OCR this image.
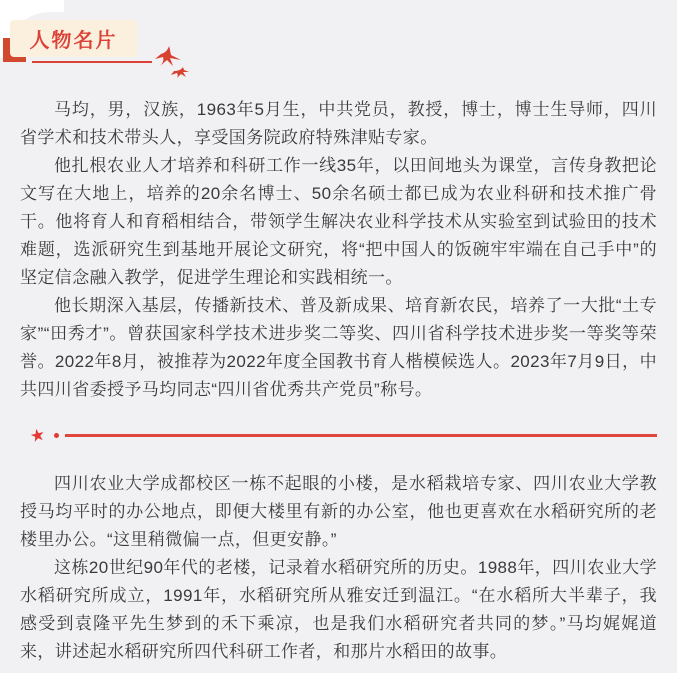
人物名片

马均，男，汉族，1963年5月生，中共党员，教授，博士，博士生导师，四川省学术和技术带头人，享受国务院政府特殊津贴专家。

他扎根农业人才培养和科研工作一线35年，以田间地头为课堂，言传身教把论文写在大地上，培养的20余名博士、50余名硕士都已成为农业科研和技术推广骨干。他将育人和育稻相结合，带领学生解决农业科学技术从实验室到试验田的技术难题，选派研究生到基地开展论文研究，将“把中国人的饭碗牢牢端在自己手中”的坚定信念融入教学，促进学生理论和实践相统一。

他长期深入基层，传播新技术、普及新成果、培育新农民，培养了一大批“土专家”“田秀才”。曾获国家科学技术进步奖二等奖、四川省科学技术进步奖一等奖等荣誉。2022年8月，被推荐为2022年度全国教书育人楷模候选人。2023年7月9日，中共四川省委授予马均同志“四川省优秀共产党员”称号。

★

四川农业大学成都校区一栋不起眼的小楼，是水稻栽培专家、四川农业大学教授马均平时的办公地点，即便大楼里有新的办公室，他也更喜欢在水稻研究所的老楼里办公。“这里稍微偏一点，但更安静。”

这栋20世纪90年代的老楼，记录着水稻研究所的历史。1988年，四川农业大学水稻研究所成立，1991年，水稻研究所从雅安迁到温江。“在水稻所大半辈子，我感受到袁隆平先生梦到的禾下乘凉，也是我们水稻研究者共同的梦。”马均娓娓道来，讲述起水稻研究所四代科研工作者，和那片水稻田的故事。
